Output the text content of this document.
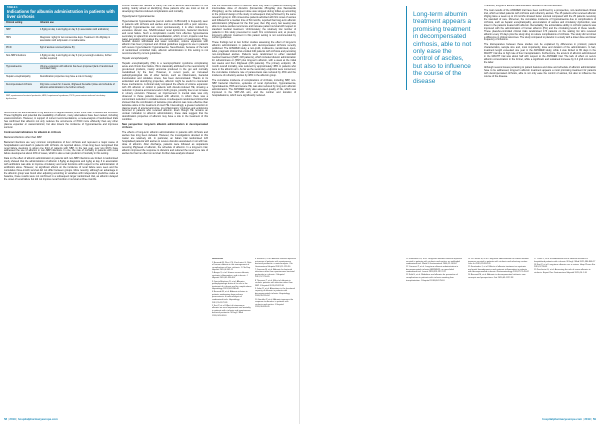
TABLE 1
Indications for albumin administration in patients with liver cirrhosis
Clinical setting	Albumin use
SBP	1.5g/kg on day 1 and 1g/kg on day 3 (in association with antibiotics)
HRS	Diagnosis: 1g/kg for two consecutive days. Treatment: 20–40g/day in association with terlipressin or noradrenaline
PICD	6g/l of ascites removed (above 5l)
Non-SBP infections	1.5g/kg on day 1 and 1g/kg on day 3 (not yet enough evidence, further studies required)
Hyponatraemia	Volume expansion with albumin has been proposed (lack of randomised controlled trials)
Hepatic encephalopathy	Detoxification properties may have a role in therapy
Decompensated cirrhosis	40g twice a week for 2 weeks, 40g/week thereafter (dose and schedule of albumin administration to be further refined)
SBP, spontaneous bacterial peritonitis; HRS, hepatorenal syndrome; PICD, paracentesis-induced circulatory dysfunction

recommend the administration of 8g albumin/l of tapped ascites, when more than 5l ascites are removed. These highlights and potential low availability of albumin, many alternatives have been tested, including vasoconstrictors. However, in support of current recommendations, a meta-analysis of randomised trials has confirmed that albumin not only reduces the occurrence of PICD more efficiently than any other plasma expander or vasoconstrictor, but also lowers the incidence of hyponatraemia and improves survival.

Controversial indications for albumin in cirrhosis

Bacterial infections other than SBP

Bacterial infections are very common complications of liver cirrhosis and represent a major cause of hospitalisation and death in patients with cirrhosis. As reported above, it has long been recognised that renal failure develops in about one third of patients with SBP. In the last year, over two RCTs have addressed the use of albumin in non-SBP infections. In one, the rate of mortality in patients with renal failure developed at about 20% of cases, which is also a main predictor of mortality in this setting.

Data on the effect of albumin administration in patients with non-SBP infections are limited. A randomised study showed that the administration of albumin 1.5g/kg at diagnosis and 1g/kg at day 3 in association with antibiotics was able to improve circulatory and renal functions with respect to the administration of antibiotics alone. However, no significant effects on the incidence of renal failure were seen and the cumulative three-month survival did not differ between groups. More recently, although an advantage in the albumin group was found after adjusting according to variables with independent predictive value at baseline, these results were not confirmed in a subsequent larger randomised trial, as albumin delayed the onset of renal failure but did not improve renal function or survival at three months.

Further studies are needed to clarify the role of albumin administration in this setting, mainly aimed at identifying those patients who are most at risk of developing infection-induced complications and mortality.

Hyperdynamic hyponatraemia

Hypervolaemic hyponatraemia (serum sodium <135mmol/l) is frequently seen in patients with cirrhosis and ascites and is associated with a poor outcome. Although hyponatraemia can occur spontaneously, it is often induced by excessive diuretic use, NSAID-related renal dysfunction, bacterial infections and renal failure. Such a complication results from effective hypovolaemia secondary to splanchnic arterial vasodilatation, which, in turn, impairs renal free water generation and evokes the non-osmotic secretion of vasopressin. Thus, besides diuretic withdrawal and water restriction, volume expansion with albumin has been proposed and clinical guidelines suggest its use in patients with severe hypervolaemic hyponatraemia. Nevertheless, because of the lack of randomised controlled trials, albumin administration in this setting is not recommended by current guidelines.

Hepatic encephalopathy

Hepatic encephalopathy (HE) is a neuropsychiatric syndrome complicating acute and chronic liver failure. HE is classically attributed to the neurotoxicity of gut-derived products, mainly ammonia produced in the gut and normally metabolised by the liver. However, in recent years, an increased pathophysiological role of other factors, such as inflammation, bacterial translocation and oxidative stress, has been demonstrated. Thanks to its antioxidant and detoxifying properties, albumin might be useful to counteract these mechanisms. A clinical study compared the effects of volume expansion with 4% albumin or colloid in patients with diuretic-induced HE, showing a reduction in plasma ammonia levels in both groups, possibly due to an increase in urinary excretion. However, an improvement in mental state was only observed in those patients treated with albumin, in whom there was a concomitant reduction in oxidative stress. A subsequent randomised clinical trial showed that the combination of lactulose plus albumin was more effective than lactulose alone in the treatment of overt HE. Interestingly, a greater reduction in plasma levels of arterial ammonia, pro-inflammatory cytokines and endotoxins occurred in patients who received albumin. Even though HE remains an unclear indication to albumin administration, these data suggest that the detoxification properties of albumin may have a role in the treatment of this condition.

New perspective: long-term albumin administration in decompensated cirrhosis

The effects of long-term albumin administration in patients with cirrhosis and ascites has long been debated. However, the investigations devoted to this matter are relatively old. In particular, an Italian trial randomised 126 hospitalised patients with ascites to receive diuretics associated or not with low-dose of albumin. After discharge, patients were followed as outpatients receiving 25g/week of albumin, the schedule of albumin. In a long-term trial, albumin improved the response to diuretics and reduced the recurrence rate of ascites but had no effect on survival. Further data analysis showed

that the beneficial effects of albumin were only seen in patients receiving an intermediate dose of diuretics (furosemide 25mg/day plus flavoxanide 25mg/day), as the subsequent dose was stopped during follow-up according to the protocol design of the study. A subsequent trial performed by the same research group in 100 consecutive patients admitted with first onset of ascites and followed for a median time of 84 months, reported that long-term albumin administration (25g/week for the first year, then 25g every two weeks) was able to reduce ascites recurrence and increase patient survival with respect to standard medical treatment. Unfortunately, the relatively low number of patients in this study prevented to reach firm conclusions and, at present, long-term albumin treatment in this patient setting is not recommended by current guidelines.

These findings led to two further studies assessing the effect of long-term albumin administration in patients with decompensated cirrhosis recently published. The ANSWER study, a non-profit, multicentre, randomised, open-label, pragmatic clinical trial enrolled 440 patients with cirrhosis and persisting non-complicated ascites. Patients were randomised to either standard medical treatment (SMT; 218 patients), which included diuretic administration for refractoriness or (SMT plus long-term albumin, with a week at the initial two weeks and then 40g/week (216 patients). The primary endpoint, 18-month overall mortality, was reduced by approximately 38% in patients who were in the albumin arm. As far as the secondary endpoints were concerned, the cumulative incidence rate of paracentesis was reduced by 46% and the incidence of refractory ascites by 48% in the albumin group.

The cumulative incidence of complications of cirrhosis, including SBP, non-SBP bacterial infections, episodes of renal dysfunction, hyponatraemia, hyperkalaemia, HRS and severe HE, was also reduced by long-term albumin administration. The ANSWER study also assessed quality of life, which was improved in the SMT+HA arm, and the number and duration of hospitalisations, which were significantly reduced.

References

1 Bernardi M, Ricci CS, Zaccherini G. Role of human albumin in the management of complications of liver cirrhosis. J Clin Exp Hepatol 2014;4:302-11

2 Arroyo V, et al. Human serum albumin, systemic inflammation, and cirrhosis. J Hepatol 2014;61:396-407

3 Garcia-Martinez R, et al. Albumin: pathophysiologic basis of its role in the treatment of cirrhosis and its complications. Hepatology 2013;58:1836-46

4 Bernardi M, et al. Albumin infusion in patients undergoing large-volume paracentesis: a meta-analysis of randomized trials. Hepatology 2012;55:1172-81

5 Sort P, et al. Effect of intravenous albumin on renal impairment and mortality in patients with cirrhosis and spontaneous bacterial peritonitis. N Engl J Med 1999;341:403-9

6 Salerno F, et al. Albumin infusion improves outcomes of patients with spontaneous bacterial peritonitis: a meta-analysis. Clin Gastroenterol Hepatol 2013;11:123-30

7 Guevara M, et al. Albumin for bacterial infections other than spontaneous bacterial peritonitis in cirrhosis. J Hepatol 2012;57:759-65

8 Thevenot T, et al. Effect of albumin in cirrhotic patients with infection other than SBP. J Hepatol 2015;62:822-30

9 Jalan R, et al. Alterations in the functional capacity of albumin in patients with decompensated cirrhosis. Hepatology 2009;50:555-64

10 Gentilini P, et al. Albumin improves the response to diuretics in patients with cirrhosis and ascites. J Hepatol 1999;30:639-45

58 | 2019 | hospitalpharmacyeurope.com
Long-term albumin treatment appears a promising treatment in decompensated cirrhosis, able to not only ease the control of ascites, but also to influence the course of the disease

Therefore, long-term albumin administration resulted to be cost-effective.

The main results of the ANSWER trial have been confirmed by a prospective, non-randomised clinical trial, which enrolled patients with cirrhosis and refractory ascites. The 45 patients who received albumin 20g/kg twice a week up to 24 months showed better survival compared with the 25 patients receiving the standard of care. Moreover, the cumulative incidence of hyponatraemia due to complications of cirrhosis, such as hepatic encephalopathy, accumulation of ascites and circulatory dysfunction, was lower in the patients treated with albumin. Remarkably, the antioxidative ability in cirrhotic patients was improved with the administration of human albumin (HA) and the circulating levels of these results. These placebo-controlled clinical trials randomised 173 patients on the waiting list who received albumin every 15 days plus the study drug to reduce complications of cirrhosis. The study did not show a difference in clinical outcomes. The study compared to placebo in a study with a lower dose and lower frequency of infusions.

The discrepancies between these studies can be explained by differences in protocol, patient characteristics, sample size and, most importantly, dose and duration of the administration. In fact, treatment length exceeded one year in the ANSWER study, while it was limited to 80 days in the MACHT trial due to high rate of liver transplantation. Furthermore, the amount of albumin administered in the MACHT trial was about half with respect to the ANSWER trial. The lack of effect on serum albumin concentration in the former, while a significant and sustained increase by 0.4 g/dl occurred in the latter.

Although several issues pertaining to patient features and dose and schedule of albumin administration have to be addressed, long-term albumin treatment appears a most promising treatment for patients with decompensated cirrhosis, able to not only ease the control of ascites, but also to influence the course of the disease.

11 Romanelli RG, et al. Long-term albumin infusion improves survival in patients with cirrhosis and ascites: an unblinded randomized trial. World J Gastroenterol 2006;12:1403-7

12 Caraceni P, et al. Long-term albumin administration in decompensated cirrhosis (ANSWER): an open-label randomised trial. Lancet 2018;391:2417-29

13 Solà E, et al. Midodrine and albumin for prevention of complications in patients with cirrhosis awaiting liver transplantation. J Hepatol 2018;69:1250-9

14 Di Pascoli M, et al. Long-term administration of human albumin improves survival in patients with cirrhosis and refractory ascites. Liver Int 2019;39:98-105

15 Fernández J, et al. Effects of albumin treatment on systemic and portal hemodynamics and systemic inflammation in patients with decompensated cirrhosis. Gastroenterology 2019;157:149-62

16 Bernardi M, et al. Albumin in decompensated cirrhosis: new concepts and perspectives. Gut 2020;69:1127-38

17 China L, et al. A randomized trial of albumin infusions in hospitalized patients with cirrhosis. N Engl J Med 2021;384:808-17

18 Sort P, et al. Long-term albumin use: a review. Hosp Pharm Eur 2019;97:58-61

19 Zaccherini G, et al. Assessing the role of serum albumin in cirrhosis. Expert Rev Gastroenterol Hepatol 2020;14:1-10

hospitalpharmacyeurope.com | 2019 | 59
